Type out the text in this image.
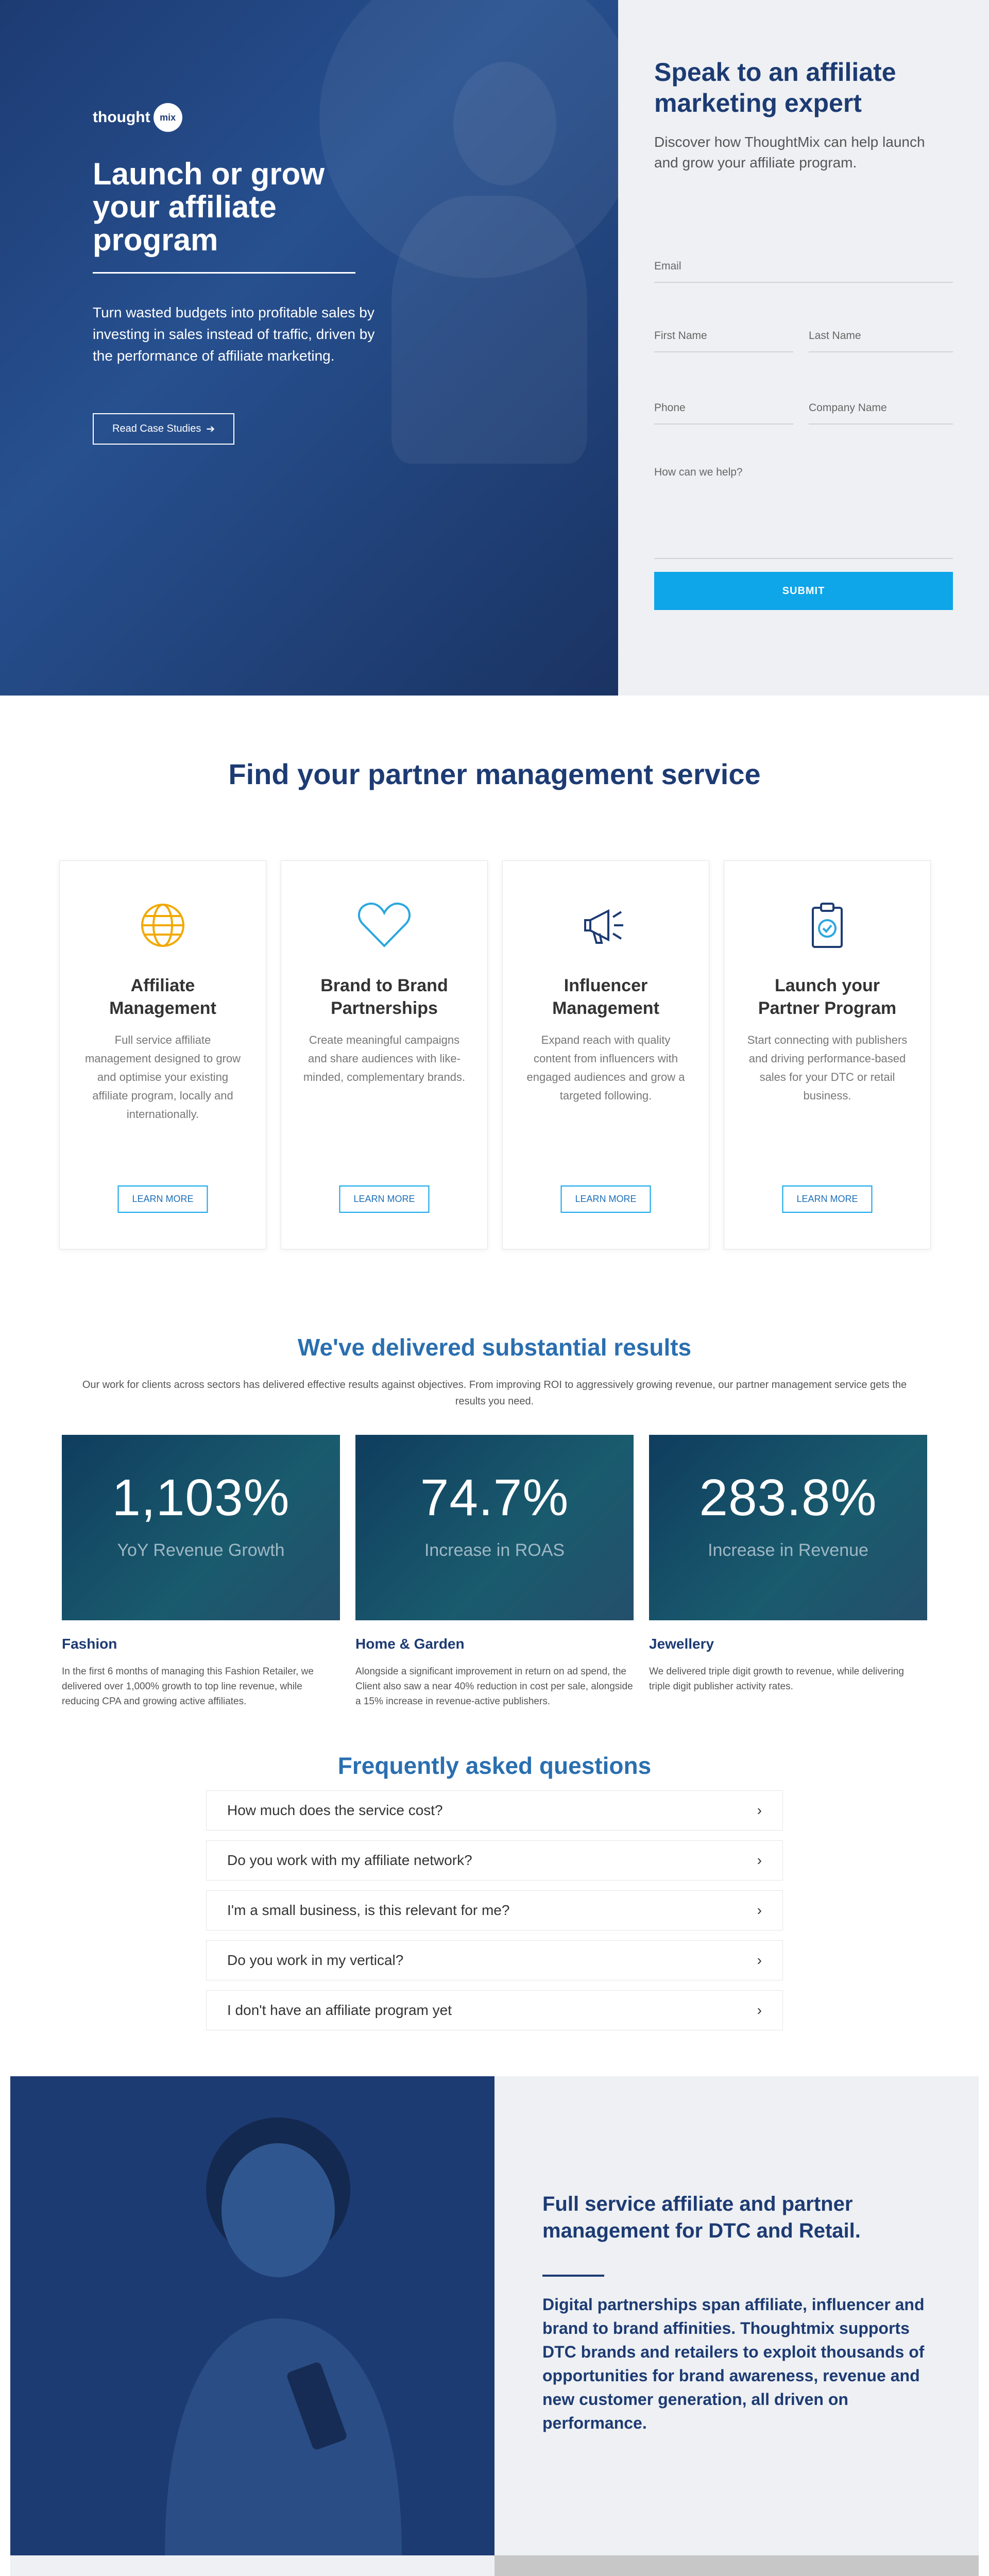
thought	mix
Launch or grow your affiliate program

Turn wasted budgets into profitable sales by investing in sales instead of traffic, driven by the performance of affiliate marketing.

Read Case Studies ➔
Speak to an affiliate marketing expert

Discover how ThoughtMix can help launch and grow your affiliate program.

Email
First Name	Last Name
Phone	Company Name
How can we help?
SUBMIT
Find your partner management service
Affiliate Management

Full service affiliate management designed to grow and optimise your existing affiliate program, locally and internationally.

LEARN MORE
Brand to Brand Partnerships

Create meaningful campaigns and share audiences with like-minded, complementary brands.

LEARN MORE
Influencer Management

Expand reach with quality content from influencers with engaged audiences and grow a targeted following.

LEARN MORE
Launch your Partner Program

Start connecting with publishers and driving performance-based sales for your DTC or retail business.

LEARN MORE
We've delivered substantial results

Our work for clients across sectors has delivered effective results against objectives. From improving ROI to aggressively growing revenue, our partner management service gets the results you need.

1,103%
YoY Revenue Growth
74.7%
Increase in ROAS
283.8%
Increase in Revenue
Fashion	Home & Garden	Jewellery

In the first 6 months of managing this Fashion Retailer, we delivered over 1,000% growth to top line revenue, while reducing CPA and growing active affiliates.

Alongside a significant improvement in return on ad spend, the Client also saw a near 40% reduction in cost per sale, alongside a 15% increase in revenue-active publishers.

We delivered triple digit growth to revenue, while delivering triple digit publisher activity rates.

Frequently asked questions
How much does the service cost?	›
Do you work with my affiliate network?	›
I'm a small business, is this relevant for me?	›
Do you work in my vertical?	›
I don't have an affiliate program yet	›
Full service affiliate and partner management for DTC and Retail.

Digital partnerships span affiliate, influencer and brand to brand affinities. Thoughtmix supports DTC brands and retailers to exploit thousands of opportunities for brand awareness, revenue and new customer generation, all driven on performance.
